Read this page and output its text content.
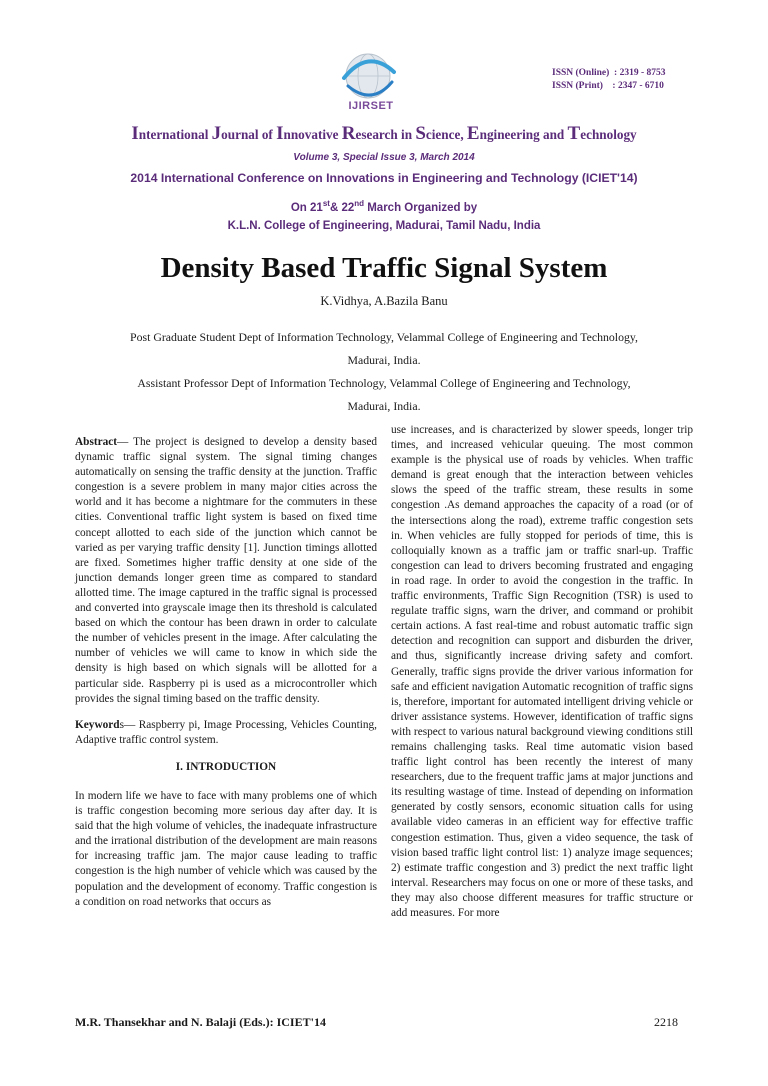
ISSN (Online)  : 2319 - 8753
ISSN (Print)    : 2347 - 6710
IJIRSET
International Journal of Innovative Research in Science, Engineering and Technology
Volume 3, Special Issue 3, March 2014
2014 International Conference on Innovations in Engineering and Technology (ICIET'14)
On 21st& 22nd March Organized by
K.L.N. College of Engineering, Madurai, Tamil Nadu, India
Density Based Traffic Signal System
K.Vidhya, A.Bazila Banu
Post Graduate Student Dept of Information Technology, Velammal College of Engineering and Technology,
Madurai, India.
Assistant Professor Dept of Information Technology, Velammal College of Engineering and Technology,
Madurai, India.

Abstract— The project is designed to develop a density based dynamic traffic signal system. The signal timing changes automatically on sensing the traffic density at the junction. Traffic congestion is a severe problem in many major cities across the world and it has become a nightmare for the commuters in these cities. Conventional traffic light system is based on fixed time concept allotted to each side of the junction which cannot be varied as per varying traffic density [1]. Junction timings allotted are fixed. Sometimes higher traffic density at one side of the junction demands longer green time as compared to standard allotted time. The image captured in the traffic signal is processed and converted into grayscale image then its threshold is calculated based on which the contour has been drawn in order to calculate the number of vehicles present in the image. After calculating the number of vehicles we will came to know in which side the density is high based on which signals will be allotted for a particular side. Raspberry pi is used as a microcontroller which provides the signal timing based on the traffic density.

Keywords— Raspberry pi, Image Processing, Vehicles Counting, Adaptive traffic control system.

I. INTRODUCTION

In modern life we have to face with many problems one of which is traffic congestion becoming more serious day after day. It is said that the high volume of vehicles, the inadequate infrastructure and the irrational distribution of the development are main reasons for increasing traffic jam. The major cause leading to traffic congestion is the high number of vehicle which was caused by the population and the development of economy. Traffic congestion is a condition on road networks that occurs as

use increases, and is characterized by slower speeds, longer trip times, and increased vehicular queuing. The most common example is the physical use of roads by vehicles. When traffic demand is great enough that the interaction between vehicles slows the speed of the traffic stream, these results in some congestion .As demand approaches the capacity of a road (or of the intersections along the road), extreme traffic congestion sets in. When vehicles are fully stopped for periods of time, this is colloquially known as a traffic jam or traffic snarl-up. Traffic congestion can lead to drivers becoming frustrated and engaging in road rage. In order to avoid the congestion in the traffic. In traffic environments, Traffic Sign Recognition (TSR) is used to regulate traffic signs, warn the driver, and command or prohibit certain actions. A fast real-time and robust automatic traffic sign detection and recognition can support and disburden the driver, and thus, significantly increase driving safety and comfort. Generally, traffic signs provide the driver various information for safe and efficient navigation Automatic recognition of traffic signs is, therefore, important for automated intelligent driving vehicle or driver assistance systems. However, identification of traffic signs with respect to various natural background viewing conditions still remains challenging tasks. Real time automatic vision based traffic light control has been recently the interest of many researchers, due to the frequent traffic jams at major junctions and its resulting wastage of time. Instead of depending on information generated by costly sensors, economic situation calls for using available video cameras in an efficient way for effective traffic congestion estimation. Thus, given a video sequence, the task of vision based traffic light control list: 1) analyze image sequences; 2) estimate traffic congestion and 3) predict the next traffic light interval. Researchers may focus on one or more of these tasks, and they may also choose different measures for traffic structure or add measures. For more

M.R. Thansekhar and N. Balaji (Eds.): ICIET'14	2218
